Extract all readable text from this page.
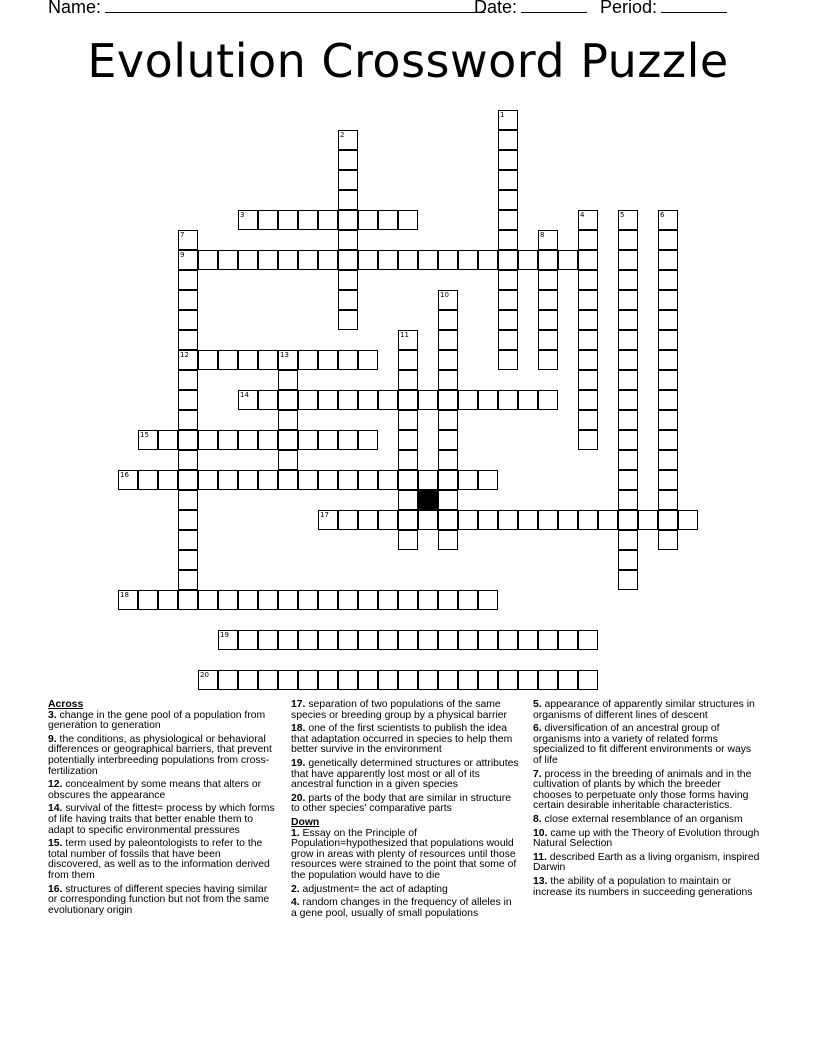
Name:	Date:	Period:
Evolution Crossword Puzzle
1
2
3	4	5	6
7
9
12
8
10
11
13
14
15
16
17
18
19
20
Across
3. change in the gene pool of a population from generation to generation
9. the conditions, as physiological or behavioral differences or geographical barriers, that prevent potentially interbreeding populations from cross-fertilization
12. concealment by some means that alters or obscures the appearance
14. survival of the fittest= process by which forms of life having traits that better enable them to adapt to specific environmental pressures
15. term used by paleontologists to refer to the total number of fossils that have been discovered, as well as to the information derived from them
16. structures of different species having similar or corresponding function but not from the same evolutionary origin
17. separation of two populations of the same species or breeding group by a physical barrier
18. one of the first scientists to publish the idea that adaptation occurred in species to help them better survive in the environment
19. genetically determined structures or attributes that have apparently lost most or all of its ancestral function in a given species
20. parts of the body that are similar in structure to other species' comparative parts
Down
1. Essay on the Principle of Population=hypothesized that populations would grow in areas with plenty of resources until those resources were strained to the point that some of the population would have to die
2. adjustment= the act of adapting
4. random changes in the frequency of alleles in a gene pool, usually of small populations
5. appearance of apparently similar structures in organisms of different lines of descent
6. diversification of an ancestral group of organisms into a variety of related forms specialized to fit different environments or ways of life
7. process in the breeding of animals and in the cultivation of plants by which the breeder chooses to perpetuate only those forms having certain desirable inheritable characteristics.
8. close external resemblance of an organism
10. came up with the Theory of Evolution through Natural Selection
11. described Earth as a living organism, inspired Darwin
13. the ability of a population to maintain or increase its numbers in succeeding generations
